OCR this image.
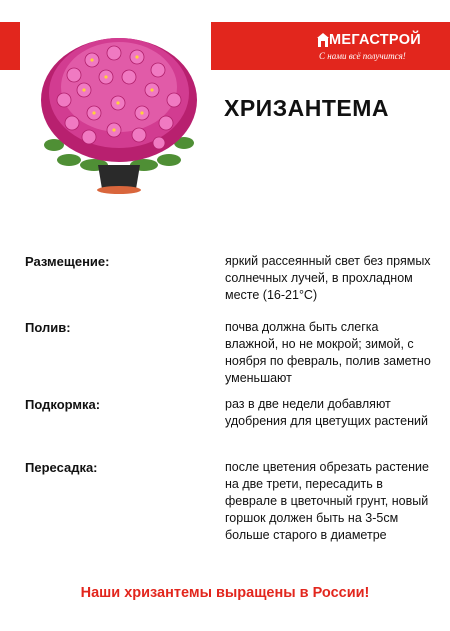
МЕГАСТРОЙ
С нами всё получится!
ХРИЗАНТЕМА
Размещение:	яркий рассеянный свет без прямых солнечных лучей, в прохладном месте (16-21°С)
Полив:	почва должна быть слегка влажной, но не мокрой; зимой, с ноября по февраль, полив заметно уменьшают
Подкормка:	раз в две недели добавляют удобрения для цветущих растений
Пересадка:	после цветения обрезать растение на две трети, пересадить в феврале в цветочный грунт, новый горшок должен быть на 3-5см больше старого в диаметре
Наши хризантемы выращены в России!
